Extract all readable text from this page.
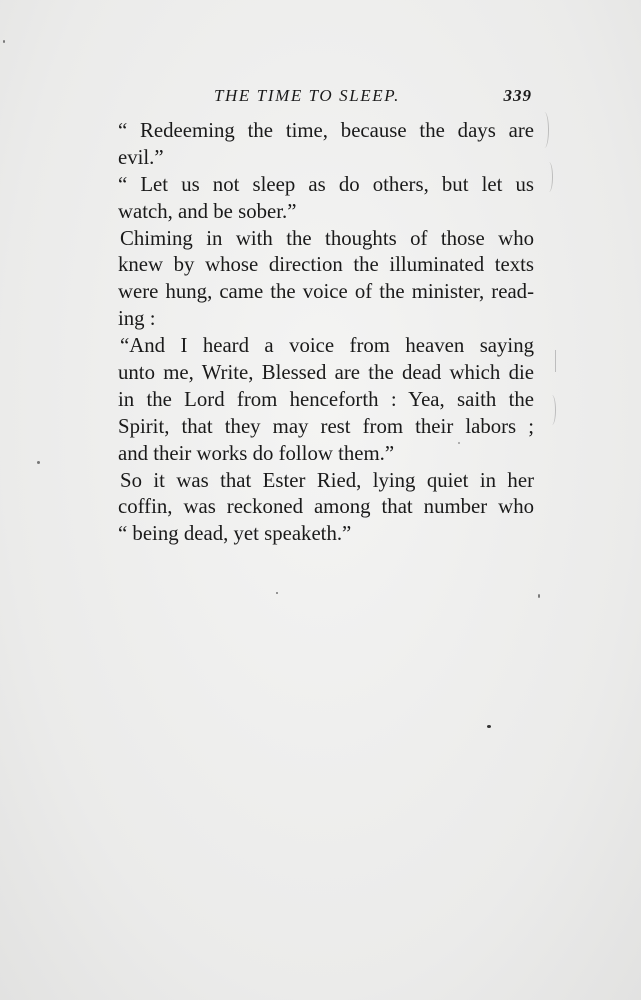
THE TIME TO SLEEP.	339

“ Redeeming the time, because the days are
evil.”

“ Let us not sleep as do others, but let us
watch, and be sober.”

Chiming in with the thoughts of those who
knew by whose direction the illuminated texts
were hung, came the voice of the minister, read-
ing :

“And I heard a voice from heaven saying
unto me, Write, Blessed are the dead which die
in the Lord from henceforth : Yea, saith the
Spirit, that they may rest from their labors ;
and their works do follow them.”

So it was that Ester Ried, lying quiet in her
coffin, was reckoned among that number who
“ being dead, yet speaketh.”
